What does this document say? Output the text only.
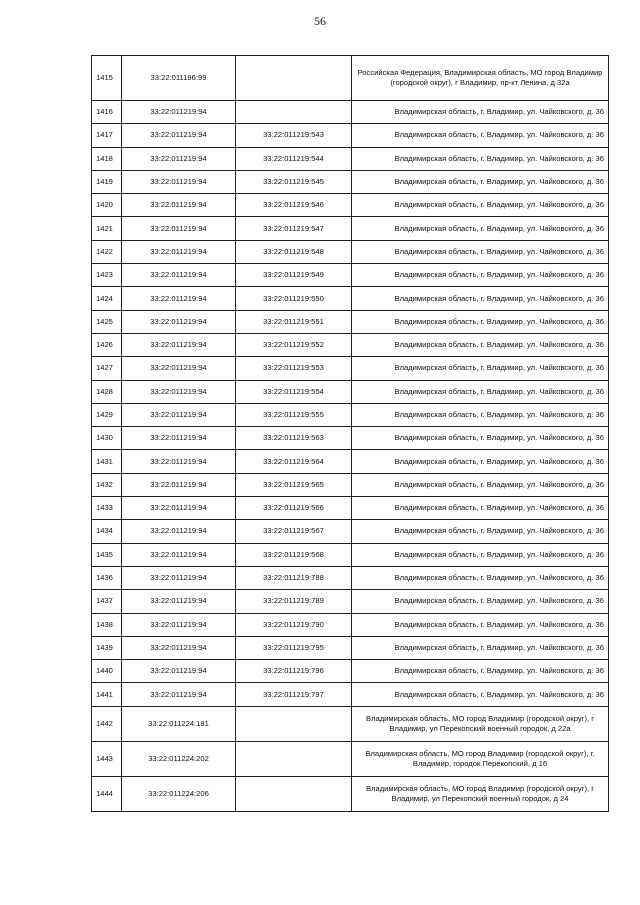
56
1415	33:22:011196:99		Российская Федерация, Владимирская область, МО город Владимир (городской округ), г Владимир, пр-кт Ленина, д 32а
1416	33:22:011219:94		Владимирская область, г. Владимир, ул. Чайковского, д. 36
1417	33:22:011219:94	33:22:011219:543	Владимирская область, г. Владимир, ул. Чайковского, д. 36
1418	33:22:011219:94	33:22:011219:544	Владимирская область, г. Владимир, ул. Чайковского, д. 36
1419	33:22:011219:94	33:22:011219:545	Владимирская область, г. Владимир, ул. Чайковского, д. 36
1420	33:22:011219:94	33:22:011219:546	Владимирская область, г. Владимир, ул. Чайковского, д. 36
1421	33:22:011219:94	33:22:011219:547	Владимирская область, г. Владимир, ул. Чайковского, д. 36
1422	33:22:011219:94	33:22:011219:548	Владимирская область, г. Владимир, ул. Чайковского, д. 36
1423	33:22:011219:94	33:22:011219:549	Владимирская область, г. Владимир, ул. Чайковского, д. 36
1424	33:22:011219:94	33:22:011219:550	Владимирская область, г. Владимир, ул. Чайковского, д. 36
1425	33:22:011219:94	33:22:011219:551	Владимирская область, г. Владимир, ул. Чайковского, д. 36
1426	33:22:011219:94	33:22:011219:552	Владимирская область, г. Владимир, ул. Чайковского, д. 36
1427	33:22:011219:94	33:22:011219:553	Владимирская область, г. Владимир, ул. Чайковского, д. 36
1428	33:22:011219:94	33:22:011219:554	Владимирская область, г. Владимир, ул. Чайковского, д. 36
1429	33:22:011219:94	33:22:011219:555	Владимирская область, г. Владимир, ул. Чайковского, д. 36
1430	33:22:011219:94	33:22:011219:563	Владимирская область, г. Владимир, ул. Чайковского, д. 36
1431	33:22:011219:94	33:22:011219:564	Владимирская область, г. Владимир, ул. Чайковского, д. 36
1432	33:22:011219:94	33:22:011219:565	Владимирская область, г. Владимир, ул. Чайковского, д. 36
1433	33:22:011219:94	33:22:011219:566	Владимирская область, г. Владимир, ул. Чайковского, д. 36
1434	33:22:011219:94	33:22:011219:567	Владимирская область, г. Владимир, ул. Чайковского, д. 36
1435	33:22:011219:94	33:22:011219:568	Владимирская область, г. Владимир, ул. Чайковского, д. 36
1436	33:22:011219:94	33:22:011219:788	Владимирская область, г. Владимир, ул. Чайковского, д. 36
1437	33:22:011219:94	33:22:011219:789	Владимирская область, г. Владимир, ул. Чайковского, д. 36
1438	33:22:011219:94	33:22:011219:790	Владимирская область, г. Владимир, ул. Чайковского, д. 36
1439	33:22:011219:94	33:22:011219:795	Владимирская область, г. Владимир, ул. Чайковского, д. 36
1440	33:22:011219:94	33:22:011219:796	Владимирская область, г. Владимир, ул. Чайковского, д. 36
1441	33:22:011219:94	33:22:011219:797	Владимирская область, г. Владимир, ул. Чайковского, д. 36
1442	33:22:011224:181		Владимирская область, МО город Владимир (городской округ), г Владимир, ул Перекопский военный городок, д 22а
1443	33:22:011224:202		Владимирская область, МО город Владимир (городской округ), г. Владимир, городок Перекопский, д 16
1444	33:22:011224:206		Владимирская область, МО город Владимир (городской округ), г Владимир, ул Перекопский военный городок, д 24
